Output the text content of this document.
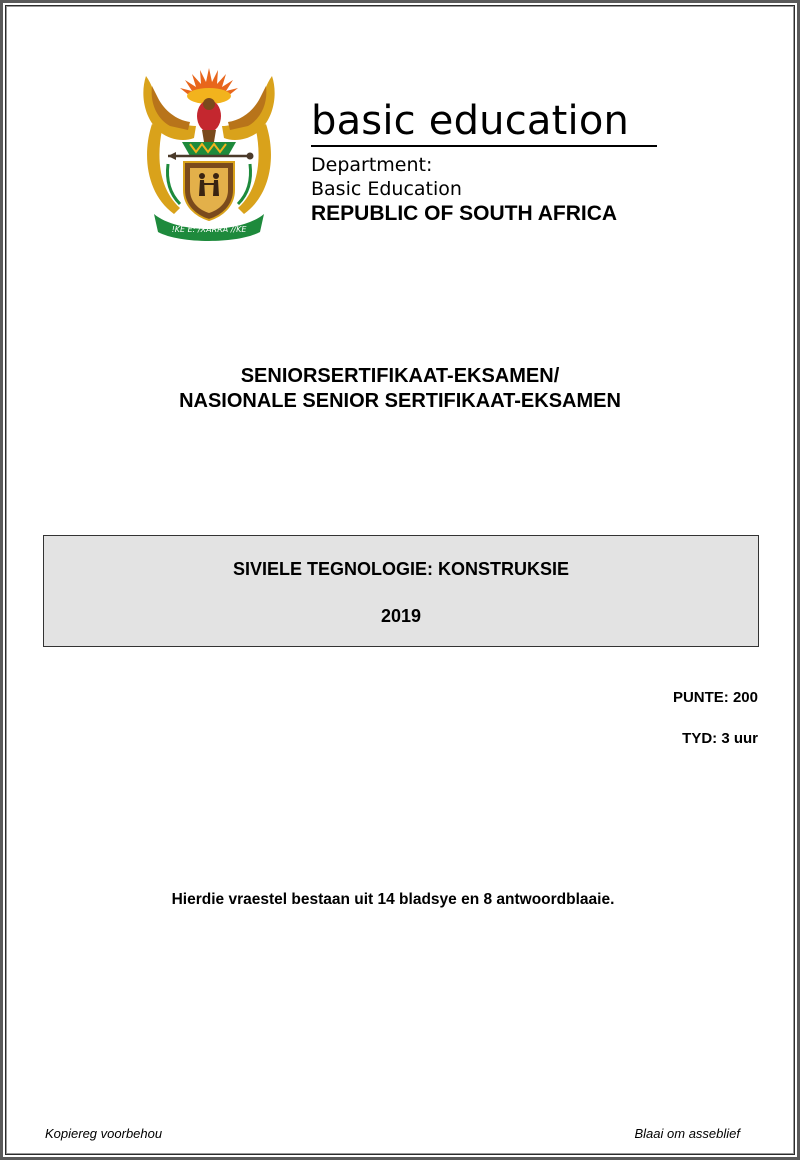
!KE E: /XARRA //KE

basic education

Department:
Basic Education
REPUBLIC OF SOUTH AFRICA
SENIORSERTIFIKAAT-EKSAMEN/
NASIONALE SENIOR SERTIFIKAAT-EKSAMEN
SIVIELE TEGNOLOGIE: KONSTRUKSIE
2019
PUNTE: 200
TYD: 3 uur
Hierdie vraestel bestaan uit 14 bladsye en 8 antwoordblaaie.
Kopiereg voorbehou	Blaai om asseblief
